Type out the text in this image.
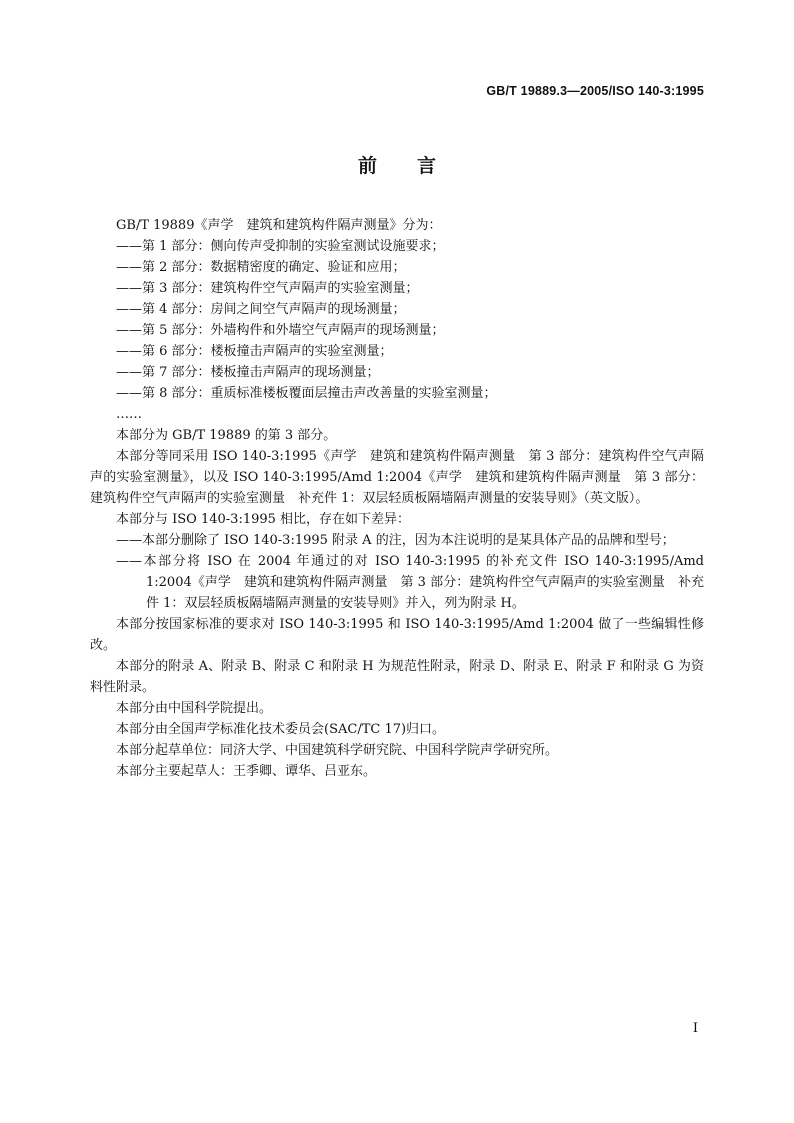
GB/T 19889.3—2005/ISO 140-3:1995
前言

GB/T 19889《声学　建筑和建筑构件隔声测量》分为：

——第 1 部分：侧向传声受抑制的实验室测试设施要求；

——第 2 部分：数据精密度的确定、验证和应用；

——第 3 部分：建筑构件空气声隔声的实验室测量；

——第 4 部分：房间之间空气声隔声的现场测量；

——第 5 部分：外墙构件和外墙空气声隔声的现场测量；

——第 6 部分：楼板撞击声隔声的实验室测量；

——第 7 部分：楼板撞击声隔声的现场测量；

——第 8 部分：重质标准楼板覆面层撞击声改善量的实验室测量；

……

本部分为 GB/T 19889 的第 3 部分。

本部分等同采用 ISO 140-3:1995《声学　建筑和建筑构件隔声测量　第 3 部分：建筑构件空气声隔声的实验室测量》，以及 ISO 140-3:1995/Amd 1:2004《声学　建筑和建筑构件隔声测量　第 3 部分：建筑构件空气声隔声的实验室测量　补充件 1：双层轻质板隔墙隔声测量的安装导则》（英文版）。

本部分与 ISO 140-3:1995 相比，存在如下差异：

——本部分删除了 ISO 140-3:1995 附录 A 的注，因为本注说明的是某具体产品的品牌和型号；

——本部分将 ISO 在 2004 年通过的对 ISO 140-3:1995 的补充文件 ISO 140-3:1995/Amd 1:2004《声学　建筑和建筑构件隔声测量　第 3 部分：建筑构件空气声隔声的实验室测量　补充件 1：双层轻质板隔墙隔声测量的安装导则》并入，列为附录 H。

本部分按国家标准的要求对 ISO 140-3:1995 和 ISO 140-3:1995/Amd 1:2004 做了一些编辑性修改。

本部分的附录 A、附录 B、附录 C 和附录 H 为规范性附录，附录 D、附录 E、附录 F 和附录 G 为资料性附录。

本部分由中国科学院提出。

本部分由全国声学标准化技术委员会(SAC/TC 17)归口。

本部分起草单位：同济大学、中国建筑科学研究院、中国科学院声学研究所。

本部分主要起草人：王季卿、谭华、吕亚东。

I
